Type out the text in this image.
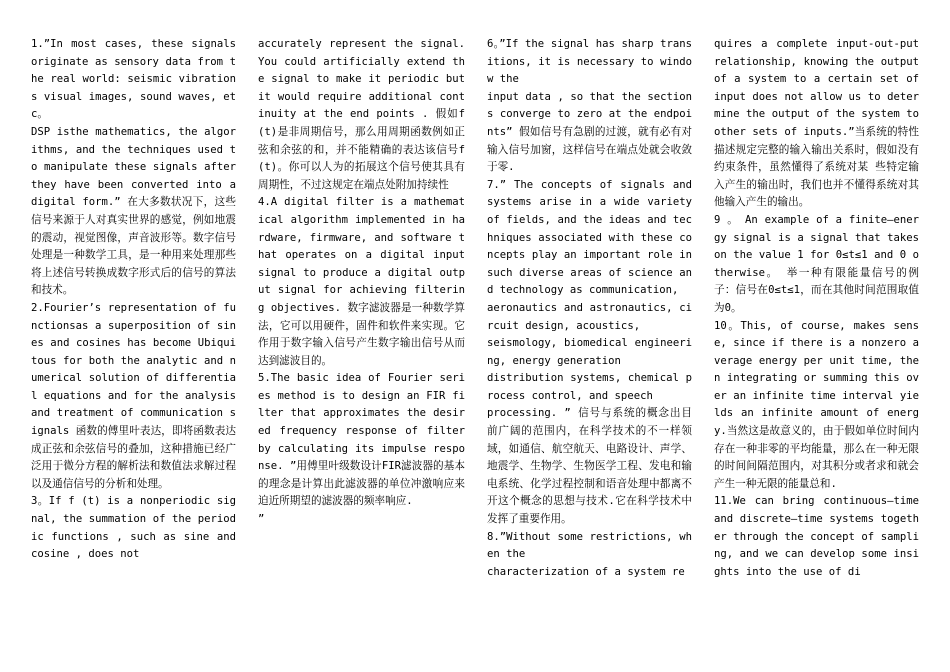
1.”In most cases, these signals originate as sensory data from the real world: seismic vibrations visual images, sound waves, etc。

DSP isthe mathematics, the algorithms, and the techniques used to manipulate these signals after they have been converted into a digital form.” 在大多数状况下，这些信号来源于人对真实世界的感觉，例如地震的震动，视觉图像，声音波形等。数字信号处理是一种数学工具，是一种用来处理那些将上述信号转换成数字形式后的信号的算法和技术。

2.Fourier’s representation of functionsas a superposition of sines and cosines has become Ubiquitous for both the analytic and numerical solution of differential equations and for the analysis and treatment of communication signals 函数的傅里叶表达，即将函数表达成正弦和余弦信号的叠加，这种措施已经广泛用于微分方程的解析法和数值法求解过程以及通信信号的分析和处理。

3。If f (t) is a nonperiodic signal, the summation of the periodic functions , such as sine and cosine , does not

accurately represent the signal. You could artificially extend the signal to make it periodic but it would require additional continuity at the end points . 假如f(t)是非周期信号，那么用周期函数例如正弦和余弦的和，并不能精确的表达该信号f(t)。你可以人为的拓展这个信号使其具有周期性，不过这规定在端点处附加持续性

4.A digital filter is a mathematical algorithm implemented in hardware, firmware, and software that operates on a digital input signal to produce a digital output signal for achieving filtering objectives. 数字滤波器是一种数学算法，它可以用硬件，固件和软件来实现。它作用于数字输入信号产生数字输出信号从而达到滤波目的。

5.The basic idea of Fourier series method is to design an FIR filter that approximates the desired frequency response of filter by calculating its impulse response. ”用傅里叶级数设计FIR滤波器的基本的理念是计算出此滤波器的单位冲激响应来迫近所期望的滤波器的频率响应.

”

6。”If the signal has sharp transitions, it is necessary to window the

input data , so that the sections converge to zero at the endpoints” 假如信号有急剧的过渡，就有必有对输入信号加窗，这样信号在端点处就会收敛于零.

7.” The concepts of signals and systems arise in a wide variety of fields, and the ideas and techniques associated with these concepts play an important role in such diverse areas of science and technology as communication,

aeronautics and astronautics, circuit design, acoustics,

seismology, biomedical engineering, energy generation

distribution systems, chemical process control, and speech

processing. ” 信号与系统的概念出目前广阔的范围内，在科学技术的不一样领域，如通信、航空航天、电路设计、声学、地震学、生物学、生物医学工程、发电和输电系统、化学过程控制和语音处理中都离不开这个概念的思想与技术.它在科学技术中发挥了重要作用。

8.”Without some restrictions, when the

characterization of a system re

quires a complete input-out-put relationship, knowing the output of a system to a certain set of input does not allow us to determine the output of the system to other sets of inputs.”当系统的特性描述规定完整的输入输出关系时，假如没有约束条件，虽然懂得了系统对某 些特定输入产生的输出时，我们也并不懂得系统对其他输入产生的输出。

9 。 An example of a finite—energy signal is a signal that takes on the value 1 for 0≤t≤1 and 0 otherwise。 举一种有限能量信号的例子：信号在0≤t≤1，而在其他时间范围取值为0。

10。This, of course, makes sense, since if there is a nonzero average energy per unit time, then integrating or summing this over an infinite time interval yields an infinite amount of energy.当然这是故意义的，由于假如单位时间内存在一种非零的平均能量，那么在一种无限的时间间隔范围内，对其积分或者求和就会产生一种无限的能量总和.

11.We can bring continuous—time and discrete—time systems together through the concept of sampling, and we can develop some insights into the use of di
